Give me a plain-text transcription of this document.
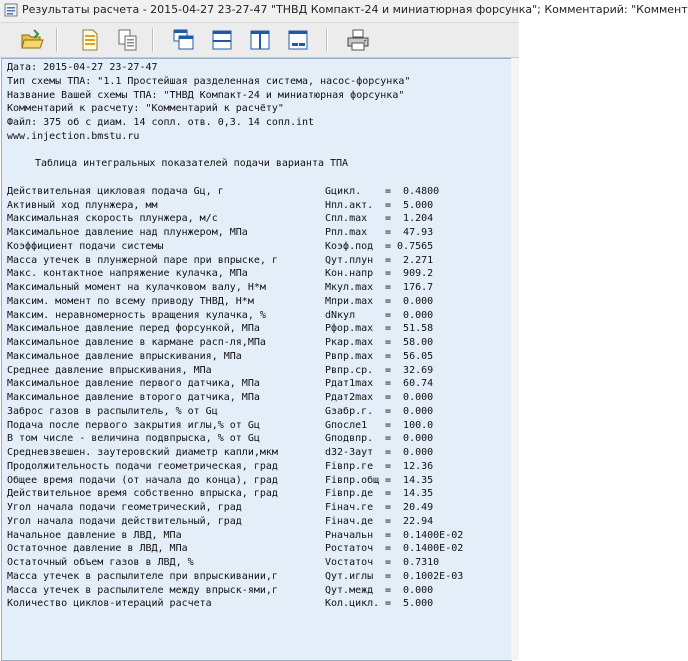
Результаты расчета - 2015-04-27 23-27-47 "ТНВД Компакт-24 и миниатюрная форсунка"; Комментарий: "Коммент
Дата: 2015-04-27 23-27-47
Тип схемы ТПА: "1.1 Простейшая разделенная система, насос-форсунка"
Название Вашей схемы ТПА: "ТНВД Компакт-24 и миниатюрная форсунка"
Комментарий к расчету: "Комментарий к расчёту"
Файл: 375 об с диам. 14 сопл. отв. 0,3. 14 сопл.int
www.injection.bmstu.ru
Таблица интегральных показателей подачи варианта ТПА
Действительная цикловая подача Gц, г	Gцикл. =  0.4800
Активный ход плунжера, мм	Нпл.акт. =  5.000
Максимальная скорость плунжера, м/с	Спл.max =  1.204
Максимальное давление над плунжером, МПа	Рпл.max =  47.93
Коэффициент подачи системы	Коэф.под = 0.7565
Масса утечек в плунжерной паре при впрыске, г	Qут.плун =  2.271
Макс. контактное напряжение кулачка, МПа	Кон.напр =  909.2
Максимальный момент на кулачковом валу, Н*м	Мкул.max =  176.7
Максим. момент по всему приводу ТНВД, Н*м	Мпри.max =  0.000
Максим. неравномерность вращения кулачка, %	dNкул	=  0.000
Максимальное давление перед форсункой, МПа	Рфор.max =  51.58
Максимальное давление в кармане расп-ля,МПа	Ркар.max =  58.00
Максимальное давление впрыскивания, МПа	Рвпр.max =  56.05
Среднее давление впрыскивания, МПа	Рвпр.ср. =  32.69
Максимальное давление первого датчика, МПа	Рдат1max =  60.74
Максимальное давление второго датчика, МПа	Рдат2max =  0.000
Заброс газов в распылитель, % от Gц	Gзабр.г. =  0.000
Подача после первого закрытия иглы,% от Gц	Gпосле1 =  100.0
В том числе - величина подвпрыска, % от Gц	Gподвпр. =  0.000
Средневзвешен. заутеровский диаметр капли,мкм	d32-Заут =  0.000
Продолжительность подачи геометрическая, град	Fiвпр.ге =  12.36
Общее время подачи (от начала до конца), град	Fiвпр.общ =  14.35
Действительное время собственно впрыска, град	Fiвпр.де =  14.35
Угол начала подачи геометрический, град	Fiнач.ге =  20.49
Угол начала подачи действительный, град	Fiнач.де =  22.94
Начальное давление в ЛВД, МПа	Рначальн =  0.1400E-02
Остаточное давление в ЛВД, МПа	Ростаточ =  0.1400E-02
Остаточный объем газов в ЛВД, %	Vостаточ =  0.7310
Масса утечек в распылителе при впрыскивании,г	Qут.иглы =  0.1002E-03
Масса утечек в распылителе между впрыск-ями,г	Qут.межд =  0.000
Количество циклов-итераций расчета	Кол.цикл. =  5.000
